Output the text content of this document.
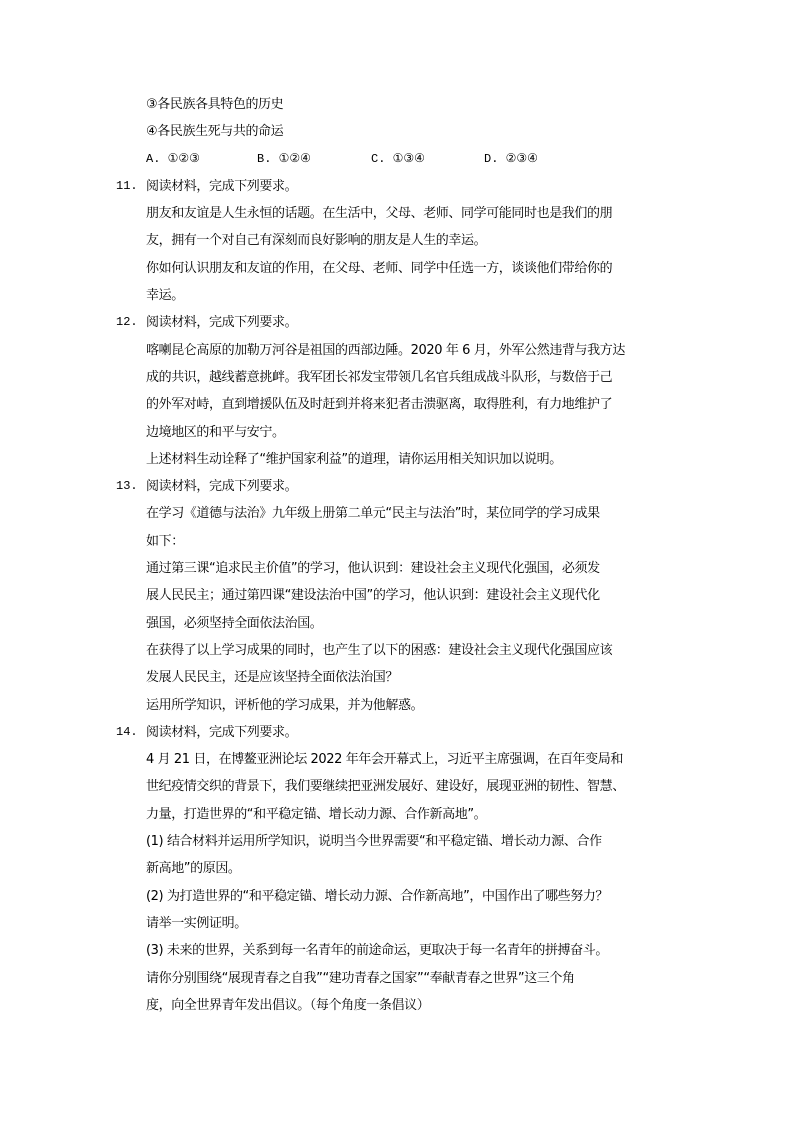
③各民族各具特色的历史
④各民族生死与共的命运
A. ①②③	B. ①②④	C. ①③④	D. ②③④
11. 阅读材料，完成下列要求。
朋友和友谊是人生永恒的话题。在生活中，父母、老师、同学可能同时也是我们的朋
友，拥有一个对自己有深刻而良好影响的朋友是人生的幸运。
你如何认识朋友和友谊的作用，在父母、老师、同学中任选一方，谈谈他们带给你的
幸运。
12. 阅读材料，完成下列要求。
喀喇昆仑高原的加勒万河谷是祖国的西部边陲。2020 年 6 月，外军公然违背与我方达
成的共识，越线蓄意挑衅。我军团长祁发宝带领几名官兵组成战斗队形，与数倍于己
的外军对峙，直到增援队伍及时赶到并将来犯者击溃驱离，取得胜利，有力地维护了
边境地区的和平与安宁。
上述材料生动诠释了“维护国家利益”的道理，请你运用相关知识加以说明。
13. 阅读材料，完成下列要求。
在学习《道德与法治》九年级上册第二单元“民主与法治”时，某位同学的学习成果
如下：
通过第三课“追求民主价值”的学习，他认识到：建设社会主义现代化强国，必须发
展人民民主；通过第四课“建设法治中国”的学习，他认识到：建设社会主义现代化
强国，必须坚持全面依法治国。
在获得了以上学习成果的同时，也产生了以下的困惑：建设社会主义现代化强国应该
发展人民民主，还是应该坚持全面依法治国？
运用所学知识，评析他的学习成果，并为他解惑。
14. 阅读材料，完成下列要求。
4 月 21 日，在博鳌亚洲论坛 2022 年年会开幕式上，习近平主席强调，在百年变局和
世纪疫情交织的背景下，我们要继续把亚洲发展好、建设好，展现亚洲的韧性、智慧、
力量，打造世界的“和平稳定锚、增长动力源、合作新高地”。
(1) 结合材料并运用所学知识，说明当今世界需要“和平稳定锚、增长动力源、合作
新高地”的原因。
(2) 为打造世界的“和平稳定锚、增长动力源、合作新高地”，中国作出了哪些努力？
请举一实例证明。
(3) 未来的世界，关系到每一名青年的前途命运，更取决于每一名青年的拼搏奋斗。
请你分别围绕“展现青春之自我”“建功青春之国家”“奉献青春之世界”这三个角
度，向全世界青年发出倡议。（每个角度一条倡议）
